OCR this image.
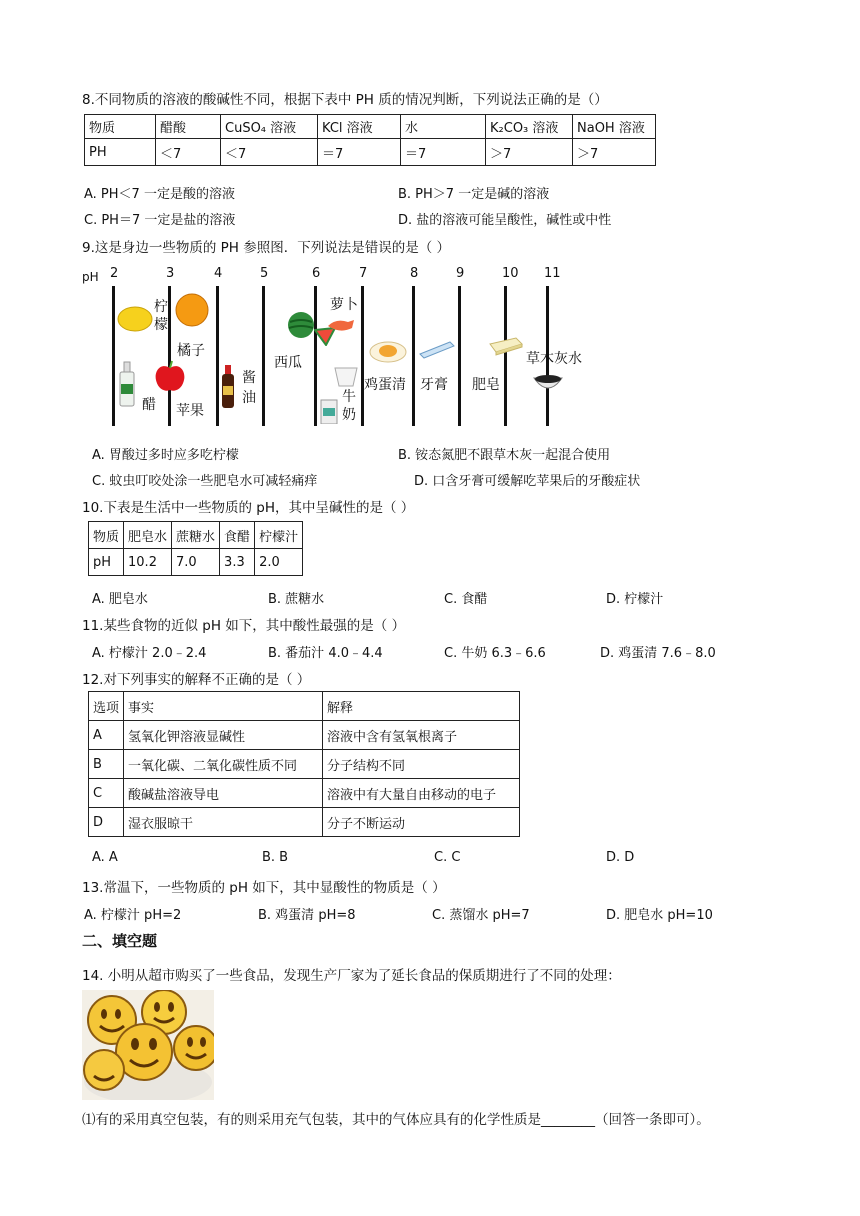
8.不同物质的溶液的酸碱性不同，根据下表中 PH 质的情况判断，下列说法正确的是（）
物质	醋酸	CuSO₄ 溶液	KCl 溶液	水	K₂CO₃ 溶液	NaOH 溶液
PH	＜7	＜7	＝7	＝7	＞7	＞7
A. PH＜7 一定是酸的溶液	B. PH＞7 一定是碱的溶液
C. PH＝7 一定是盐的溶液	D. 盐的溶液可能呈酸性，碱性或中性
9.这是身边一些物质的 PH 参照图．下列说法是错误的是（ ）
pH 2	3	4	5	6	7	8	9	10 11
柠檬
橘子
醋 苹果
酱油
西瓜
萝卜
牛奶
鸡蛋清 牙膏 肥皂
草木灰水
A. 胃酸过多时应多吃柠檬	B. 铵态氮肥不跟草木灰一起混合使用
C. 蚊虫叮咬处涂一些肥皂水可减轻痛痒	D. 口含牙膏可缓解吃苹果后的牙酸症状
10.下表是生活中一些物质的 pH，其中呈碱性的是（ ）
物质	肥皂水	蔗糖水	食醋	柠檬汁
pH	10.2	7.0	3.3	2.0
A. 肥皂水	B. 蔗糖水	C. 食醋	D. 柠檬汁
11.某些食物的近似 pH 如下，其中酸性最强的是（ ）
A. 柠檬汁 2.0﹣2.4	B. 番茄汁 4.0﹣4.4	C. 牛奶 6.3﹣6.6	D. 鸡蛋清 7.6﹣8.0
12.对下列事实的解释不正确的是（ ）
选项	事实	解释
A	氢氧化钾溶液显碱性	溶液中含有氢氧根离子
B	一氧化碳、二氧化碳性质不同	分子结构不同
C	酸碱盐溶液导电	溶液中有大量自由移动的电子
D	湿衣服晾干	分子不断运动
A. A	B. B	C. C	D. D
13.常温下，一些物质的 pH 如下，其中显酸性的物质是（ ）
A. 柠檬汁 pH=2	B. 鸡蛋清 pH=8	C. 蒸馏水 pH=7	D. 肥皂水 pH=10
二、填空题
14. 小明从超市购买了一些食品，发现生产厂家为了延长食品的保质期进行了不同的处理：
⑴有的采用真空包装，有的则采用充气包装，其中的气体应具有的化学性质是________（回答一条即可）。
